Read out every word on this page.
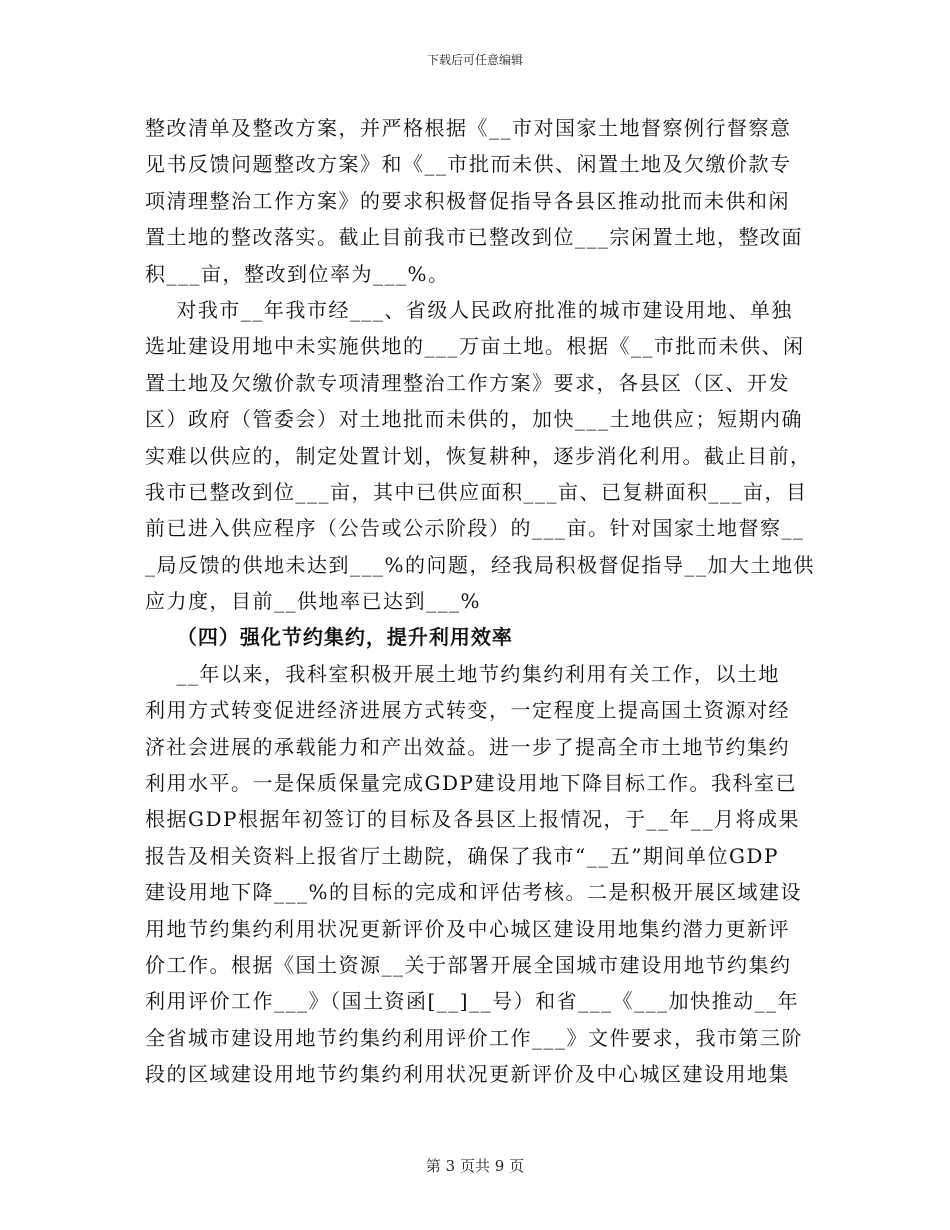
下载后可任意编辑
整改清单及整改方案，并严格根据《__市对国家土地督察例行督察意
见书反馈问题整改方案》和《__市批而未供、闲置土地及欠缴价款专
项清理整治工作方案》的要求积极督促指导各县区推动批而未供和闲
置土地的整改落实。截止目前我市已整改到位___宗闲置土地，整改面
积___亩，整改到位率为___%。
对我市__年我市经___、省级人民政府批准的城市建设用地、单独
选址建设用地中未实施供地的___万亩土地。根据《__市批而未供、闲
置土地及欠缴价款专项清理整治工作方案》要求，各县区（区、开发
区）政府（管委会）对土地批而未供的，加快___土地供应；短期内确
实难以供应的，制定处置计划，恢复耕种，逐步消化利用。截止目前，
我市已整改到位___亩，其中已供应面积___亩、已复耕面积___亩，目
前已进入供应程序（公告或公示阶段）的___亩。针对国家土地督察__
_局反馈的供地未达到___%的问题，经我局积极督促指导__加大土地供
应力度，目前__供地率已达到___%
（四）强化节约集约，提升利用效率
__年以来，我科室积极开展土地节约集约利用有关工作，以土地
利用方式转变促进经济进展方式转变，一定程度上提高国土资源对经
济社会进展的承载能力和产出效益。进一步了提高全市土地节约集约
利用水平。一是保质保量完成GDP建设用地下降目标工作。我科室已
根据GDP根据年初签订的目标及各县区上报情况，于__年__月将成果
报告及相关资料上报省厅土勘院，确保了我市“__五”期间单位GDP
建设用地下降___%的目标的完成和评估考核。二是积极开展区域建设
用地节约集约利用状况更新评价及中心城区建设用地集约潜力更新评
价工作。根据《国土资源__关于部署开展全国城市建设用地节约集约
利用评价工作___》（国土资函[__]__号）和省___《___加快推动__年
全省城市建设用地节约集约利用评价工作___》文件要求，我市第三阶
段的区域建设用地节约集约利用状况更新评价及中心城区建设用地集
第 3 页共 9 页
